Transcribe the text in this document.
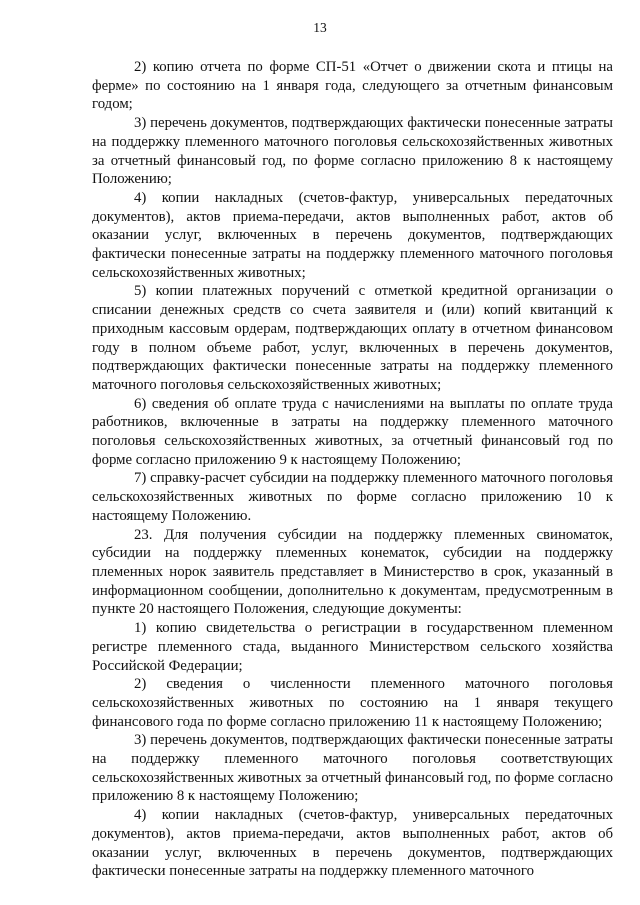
13

2) копию отчета по форме СП-51 «Отчет о движении скота и птицы на ферме» по состоянию на 1 января года, следующего за отчетным финансовым годом;

3) перечень документов, подтверждающих фактически понесенные затраты на поддержку племенного маточного поголовья сельскохозяйственных животных за отчетный финансовый год, по форме согласно приложению 8 к настоящему Положению;

4) копии накладных (счетов-фактур, универсальных передаточных документов), актов приема-передачи, актов выполненных работ, актов об оказании услуг, включенных в перечень документов, подтверждающих фактически понесенные затраты на поддержку племенного маточного поголовья сельскохозяйственных животных;

5) копии платежных поручений с отметкой кредитной организации о списании денежных средств со счета заявителя и (или) копий квитанций к приходным кассовым ордерам, подтверждающих оплату в отчетном финансовом году в полном объеме работ, услуг, включенных в перечень документов, подтверждающих фактически понесенные затраты на поддержку племенного маточного поголовья сельскохозяйственных животных;

6) сведения об оплате труда с начислениями на выплаты по оплате труда работников, включенные в затраты на поддержку племенного маточного поголовья сельскохозяйственных животных, за отчетный финансовый год по форме согласно приложению 9 к настоящему Положению;

7) справку-расчет субсидии на поддержку племенного маточного поголовья сельскохозяйственных животных по форме согласно приложению 10 к настоящему Положению.

23. Для получения субсидии на поддержку племенных свиноматок, субсидии на поддержку племенных конематок, субсидии на поддержку племенных норок заявитель представляет в Министерство в срок, указанный в информационном сообщении, дополнительно к документам, предусмотренным в пункте 20 настоящего Положения, следующие документы:

1) копию свидетельства о регистрации в государственном племенном регистре племенного стада, выданного Министерством сельского хозяйства Российской Федерации;

2) сведения о численности племенного маточного поголовья сельскохозяйственных животных по состоянию на 1 января текущего финансового года по форме согласно приложению 11 к настоящему Положению;

3) перечень документов, подтверждающих фактически понесенные затраты на поддержку племенного маточного поголовья соответствующих сельскохозяйственных животных за отчетный финансовый год, по форме согласно приложению 8 к настоящему Положению;

4) копии накладных (счетов-фактур, универсальных передаточных документов), актов приема-передачи, актов выполненных работ, актов об оказании услуг, включенных в перечень документов, подтверждающих фактически понесенные затраты на поддержку племенного маточного
